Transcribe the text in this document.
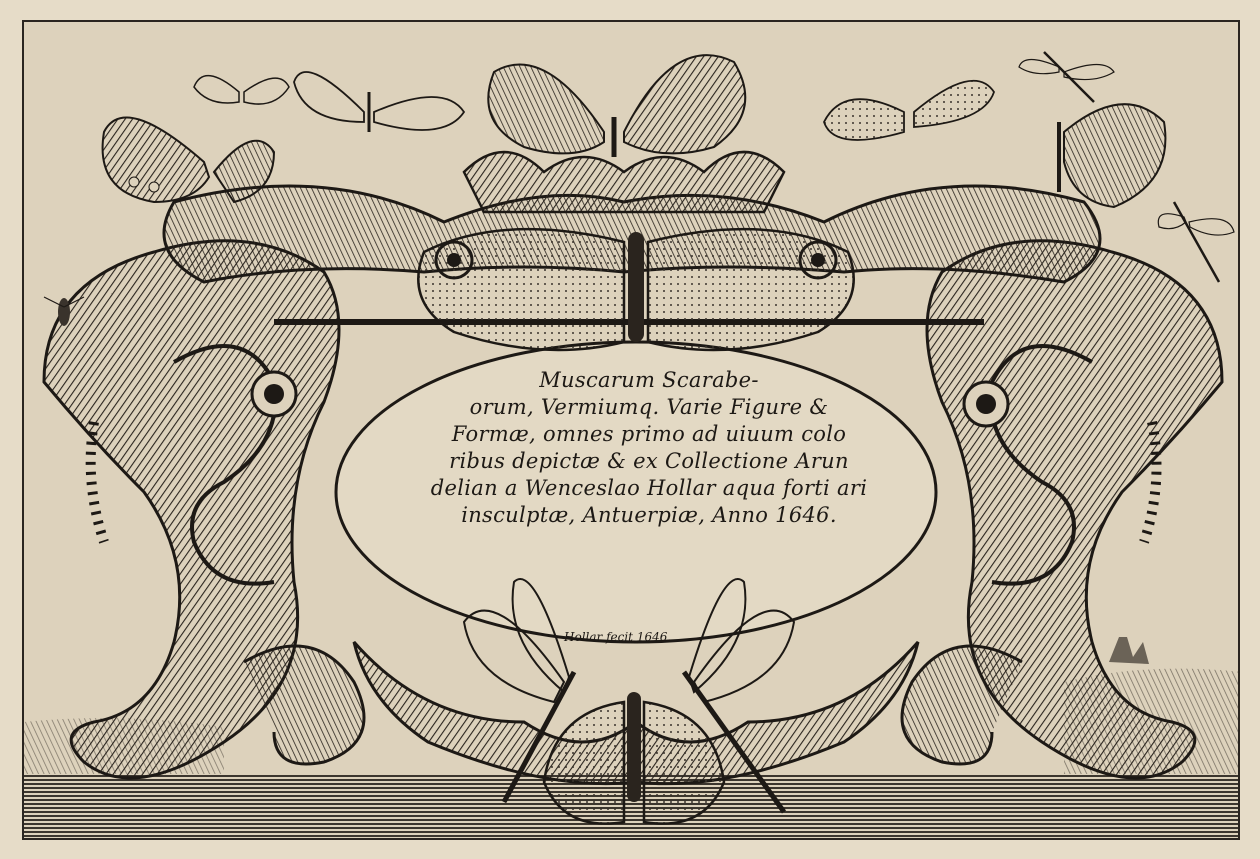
Muscarum Scarabe-
orum, Vermiumq. Varie Figure &
Formæ, omnes primo ad uiuum colo
ribus depictæ & ex Collectione Arun
delian a Wenceslao Hollar aqua forti ari
insculptæ, Antuerpiæ, Anno 1646.
Hollar fecit 1646.
